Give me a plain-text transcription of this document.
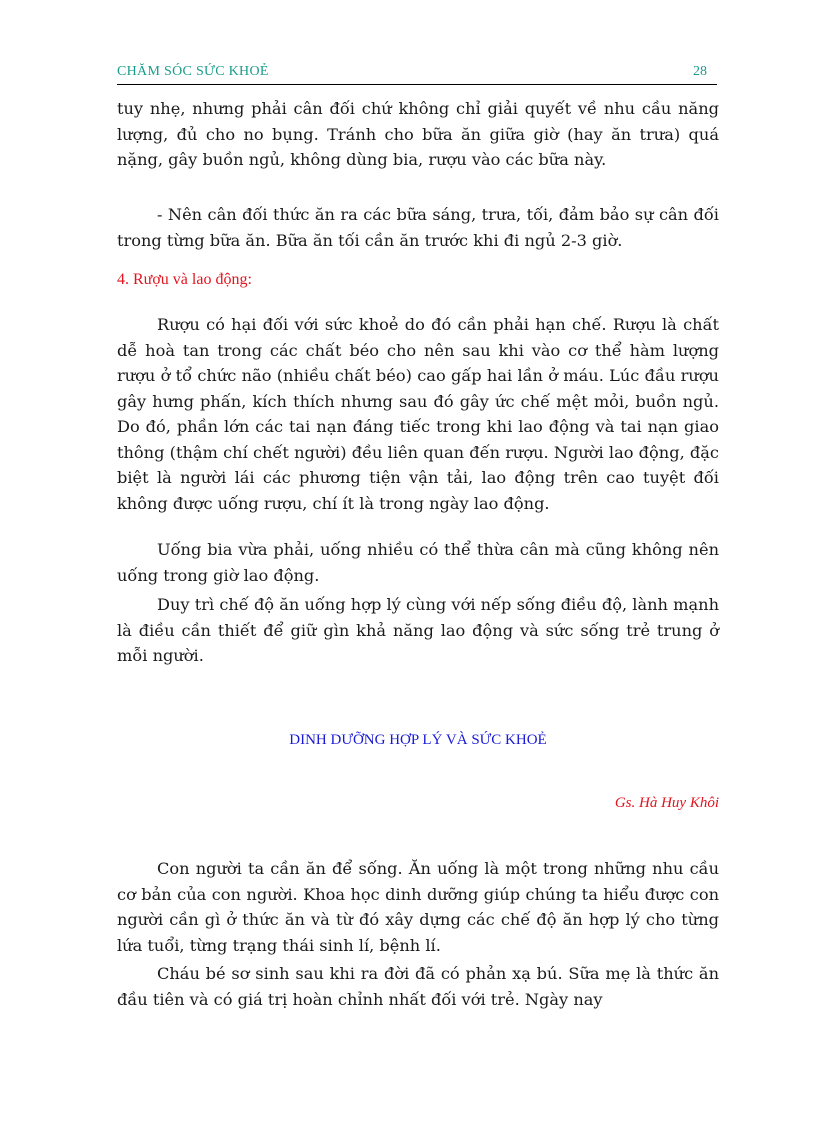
CHĂM SÓC SỨC KHOẺ	28

tuy nhẹ, nhưng phải cân đối chứ không chỉ giải quyết về nhu cầu năng lượng, đủ cho no bụng. Tránh cho bữa ăn giữa giờ (hay ăn trưa) quá nặng, gây buồn ngủ, không dùng bia, rượu vào các bữa này.

- Nên cân đối thức ăn ra các bữa sáng, trưa, tối, đảm bảo sự cân đối trong từng bữa ăn. Bữa ăn tối cần ăn trước khi đi ngủ 2-3 giờ.

4. Rượu và lao động:

Rượu có hại đối với sức khoẻ do đó cần phải hạn chế. Rượu là chất dễ hoà tan trong các chất béo cho nên sau khi vào cơ thể hàm lượng rượu ở tổ chức não (nhiều chất béo) cao gấp hai lần ở máu. Lúc đầu rượu gây hưng phấn, kích thích nhưng sau đó gây ức chế mệt mỏi, buồn ngủ. Do đó, phần lớn các tai nạn đáng tiếc trong khi lao động và tai nạn giao thông (thậm chí chết người) đều liên quan đến rượu. Người lao động, đặc biệt là người lái các phương tiện vận tải, lao động trên cao tuyệt đối không được uống rượu, chí ít là trong ngày lao động.

Uống bia vừa phải, uống nhiều có thể thừa cân mà cũng không nên uống trong giờ lao động.

Duy trì chế độ ăn uống hợp lý cùng với nếp sống điều độ, lành mạnh là điều cần thiết để giữ gìn khả năng lao động và sức sống trẻ trung ở mỗi người.

DINH DƯỠNG HỢP LÝ VÀ SỨC KHOẺ

Gs. Hà Huy Khôi

Con người ta cần ăn để sống. Ăn uống là một trong những nhu cầu cơ bản của con người. Khoa học dinh dưỡng giúp chúng ta hiểu được con người cần gì ở thức ăn và từ đó xây dựng các chế độ ăn hợp lý cho từng lứa tuổi, từng trạng thái sinh lí, bệnh lí.

Cháu bé sơ sinh sau khi ra đời đã có phản xạ bú. Sữa mẹ là thức ăn đầu tiên và có giá trị hoàn chỉnh nhất đối với trẻ. Ngày nay
